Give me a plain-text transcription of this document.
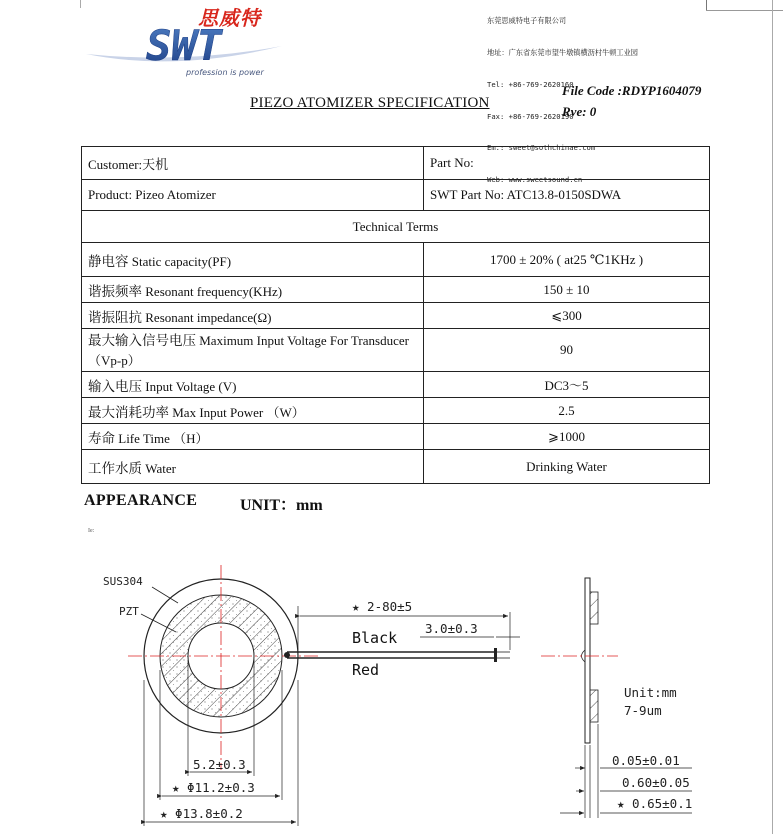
思威特
SWT
profession is power

东莞思威特电子有限公司

地址：广东省东莞市望牛墩镇横沥村牛顿工业园

Tel: +86-769-2620160

Fax: +86-769-2620190

Em.: sweet@sothchinae.com

Web: www.sweetsound.cn

PIEZO ATOMIZER SPECIFICATION
File Code :RDYP1604079
Rve: 0
Customer:天机	Part No:
Product: Pizeo Atomizer	SWT Part No: ATC13.8-0150SDWA
Technical Terms	
静电容 Static capacity(PF)	1700 ± 20% ( at25 ℃1KHz )
谐振频率 Resonant frequency(KHz)	150 ± 10
谐振阻抗 Resonant impedance(Ω)	⩽300
最大输入信号电压 Maximum Input Voltage For Transducer（Vp-p）	90
输入电压 Input Voltage (V)	DC3～5
最大消耗功率 Max Input Power （W）	2.5
寿命 Life Time （H）	⩾1000
工作水质 Water	Drinking Water
APPEARANCE	UNIT：mm
Ie:
SUS304
PZT	★ 2-80±5
3.0±0.3
Black
Red
5.2±0.3
★ Φ11.2±0.3
★ Φ13.8±0.2
0.05±0.01
0.60±0.05
★ 0.65±0.1
Unit:mm
7-9um
